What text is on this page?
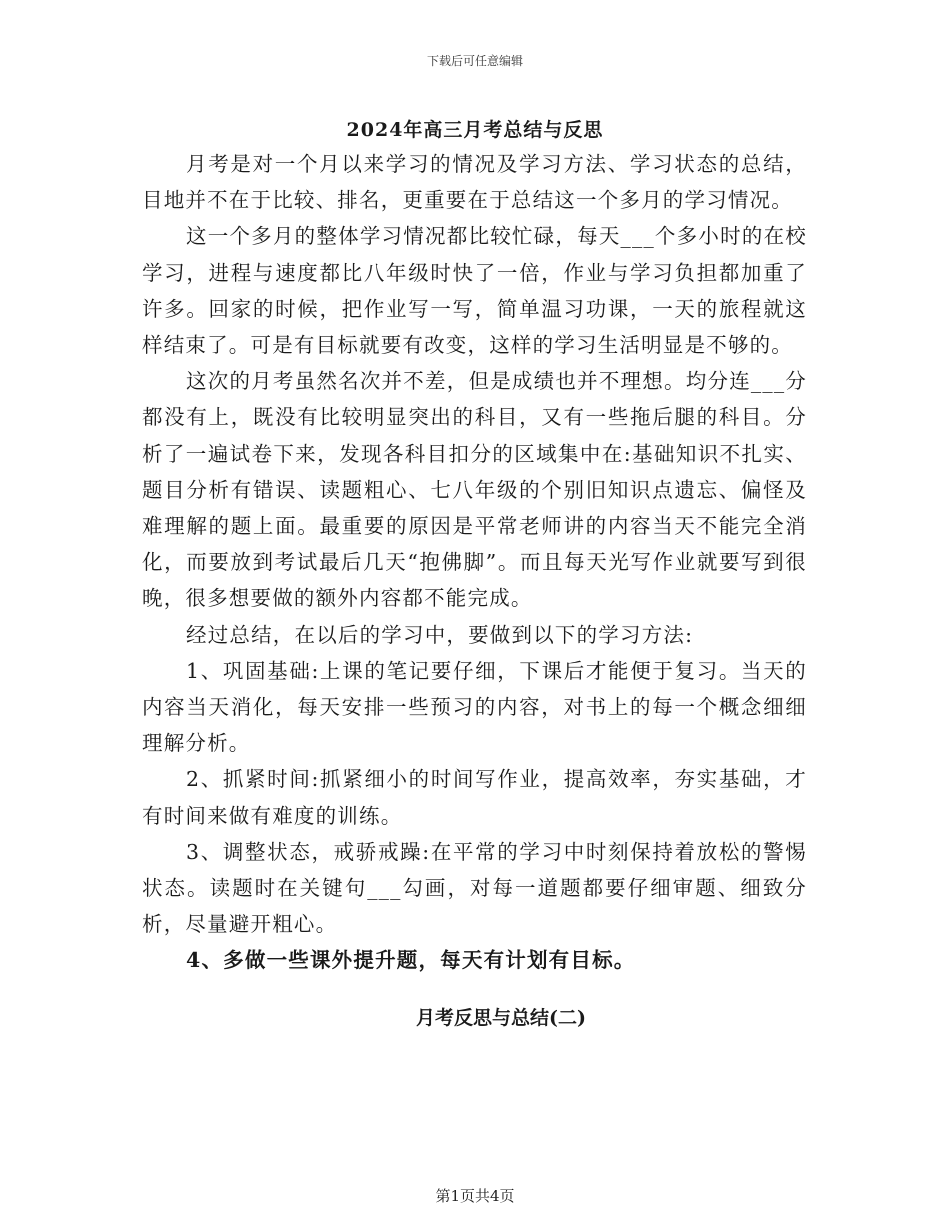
下载后可任意编辑
2024年高三月考总结与反思

月考是对一个月以来学习的情况及学习方法、学习状态的总结，目地并不在于比较、排名，更重要在于总结这一个多月的学习情况。

这一个多月的整体学习情况都比较忙碌，每天___个多小时的在校学习，进程与速度都比八年级时快了一倍，作业与学习负担都加重了许多。回家的时候，把作业写一写，简单温习功课，一天的旅程就这样结束了。可是有目标就要有改变，这样的学习生活明显是不够的。

这次的月考虽然名次并不差，但是成绩也并不理想。均分连___分都没有上，既没有比较明显突出的科目，又有一些拖后腿的科目。分析了一遍试卷下来，发现各科目扣分的区域集中在:基础知识不扎实、题目分析有错误、读题粗心、七八年级的个别旧知识点遗忘、偏怪及难理解的题上面。最重要的原因是平常老师讲的内容当天不能完全消化，而要放到考试最后几天“抱佛脚”。而且每天光写作业就要写到很晚，很多想要做的额外内容都不能完成。

经过总结，在以后的学习中，要做到以下的学习方法:

1、巩固基础:上课的笔记要仔细，下课后才能便于复习。当天的内容当天消化，每天安排一些预习的内容，对书上的每一个概念细细理解分析。

2、抓紧时间:抓紧细小的时间写作业，提高效率，夯实基础，才有时间来做有难度的训练。

3、调整状态，戒骄戒躁:在平常的学习中时刻保持着放松的警惕状态。读题时在关键句___勾画，对每一道题都要仔细审题、细致分析，尽量避开粗心。

4、多做一些课外提升题，每天有计划有目标。

月考反思与总结(二)
第1页共4页
